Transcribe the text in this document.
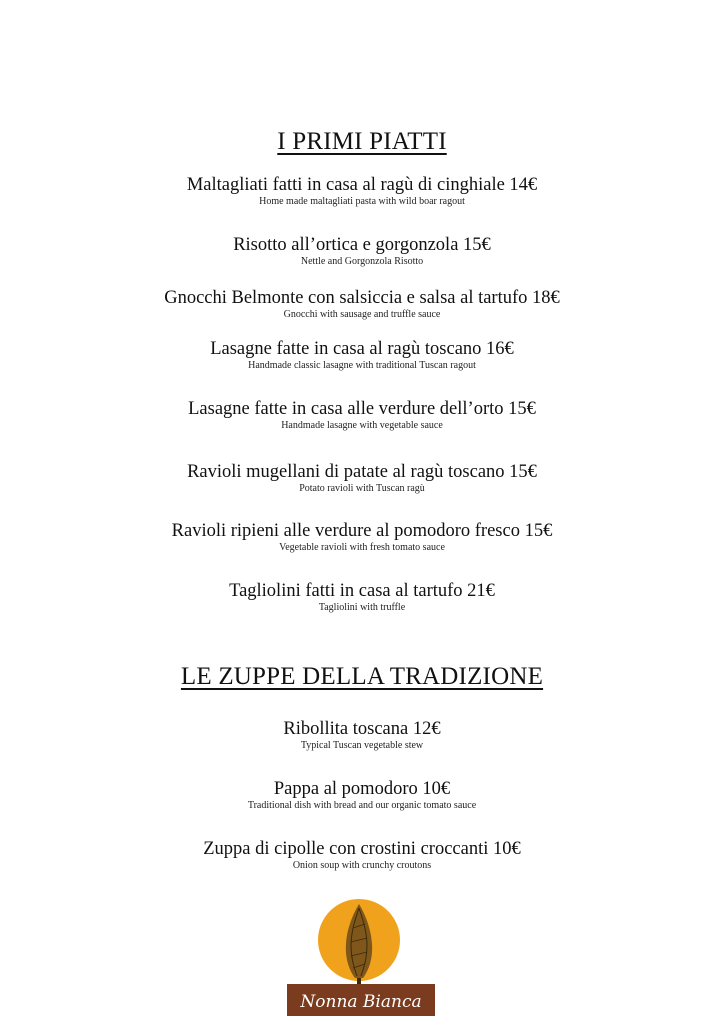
I PRIMI PIATTI
Maltagliati fatti in casa al ragù di cinghiale 14€
Home made maltagliati pasta with wild boar ragout
Risotto all’ortica e gorgonzola 15€
Nettle and Gorgonzola Risotto
Gnocchi Belmonte con salsiccia e salsa al tartufo 18€
Gnocchi with sausage and truffle sauce
Lasagne fatte in casa al ragù toscano 16€
Handmade classic lasagne with traditional Tuscan ragout
Lasagne fatte in casa alle verdure dell’orto 15€
Handmade lasagne with vegetable sauce
Ravioli mugellani di patate al ragù toscano 15€
Potato ravioli with Tuscan ragù
Ravioli ripieni alle verdure al pomodoro fresco 15€
Vegetable ravioli with fresh tomato sauce
Tagliolini fatti in casa al tartufo 21€
Tagliolini with truffle
LE ZUPPE DELLA TRADIZIONE
Ribollita toscana 12€
Typical Tuscan vegetable stew
Pappa al pomodoro 10€
Traditional dish with bread and our organic tomato sauce
Zuppa di cipolle con crostini croccanti 10€
Onion soup with crunchy croutons
Nonna Bianca
